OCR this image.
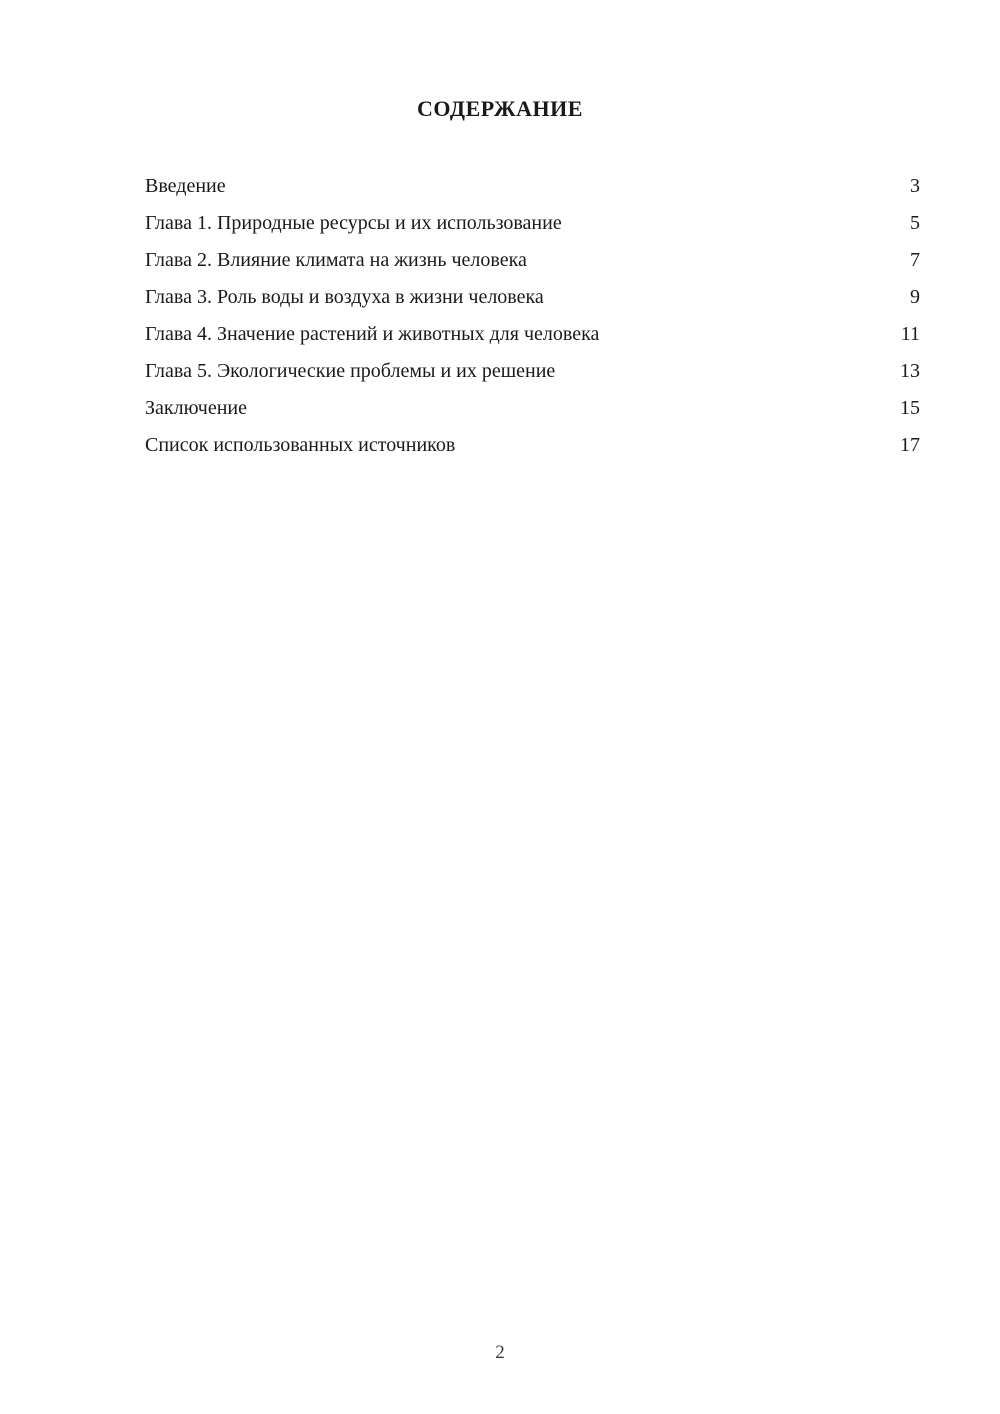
СОДЕРЖАНИЕ
Введение	3
Глава 1. Природные ресурсы и их использование	5
Глава 2. Влияние климата на жизнь человека	7
Глава 3. Роль воды и воздуха в жизни человека	9
Глава 4. Значение растений и животных для человека	11
Глава 5. Экологические проблемы и их решение	13
Заключение	15
Список использованных источников	17
2
